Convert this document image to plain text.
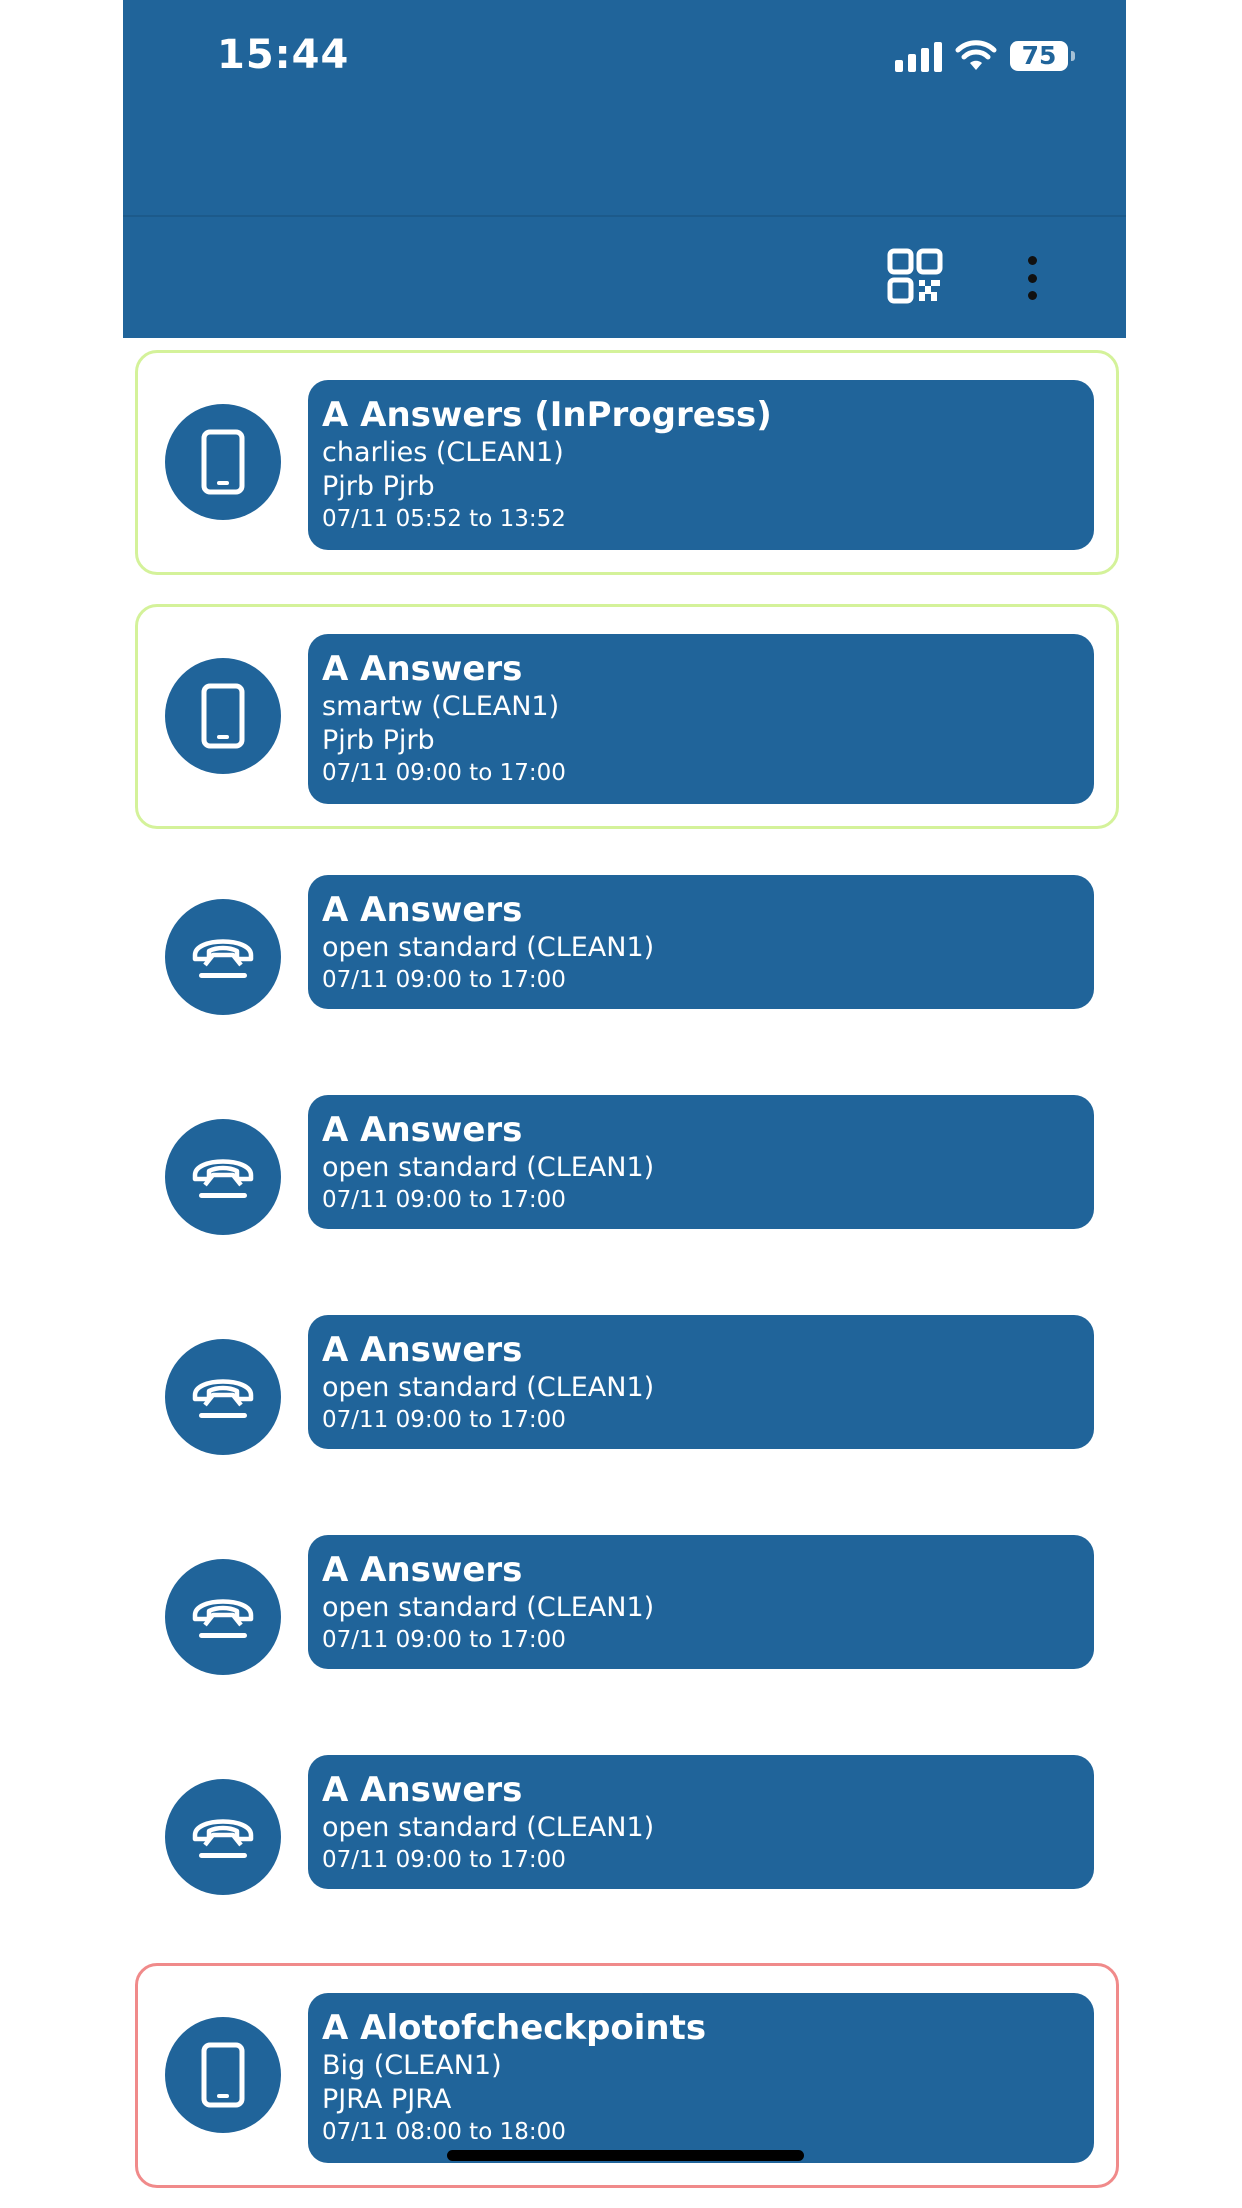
15:44	75
A Answers (InProgress)
charlies (CLEAN1)
Pjrb Pjrb
07/11 05:52 to 13:52
A Answers
smartw (CLEAN1)
Pjrb Pjrb
07/11 09:00 to 17:00
A Answers
open standard (CLEAN1)
07/11 09:00 to 17:00
A Answers
open standard (CLEAN1)
07/11 09:00 to 17:00
A Answers
open standard (CLEAN1)
07/11 09:00 to 17:00
A Answers
open standard (CLEAN1)
07/11 09:00 to 17:00
A Answers
open standard (CLEAN1)
07/11 09:00 to 17:00
A Alotofcheckpoints
Big (CLEAN1)
PJRA PJRA
07/11 08:00 to 18:00
